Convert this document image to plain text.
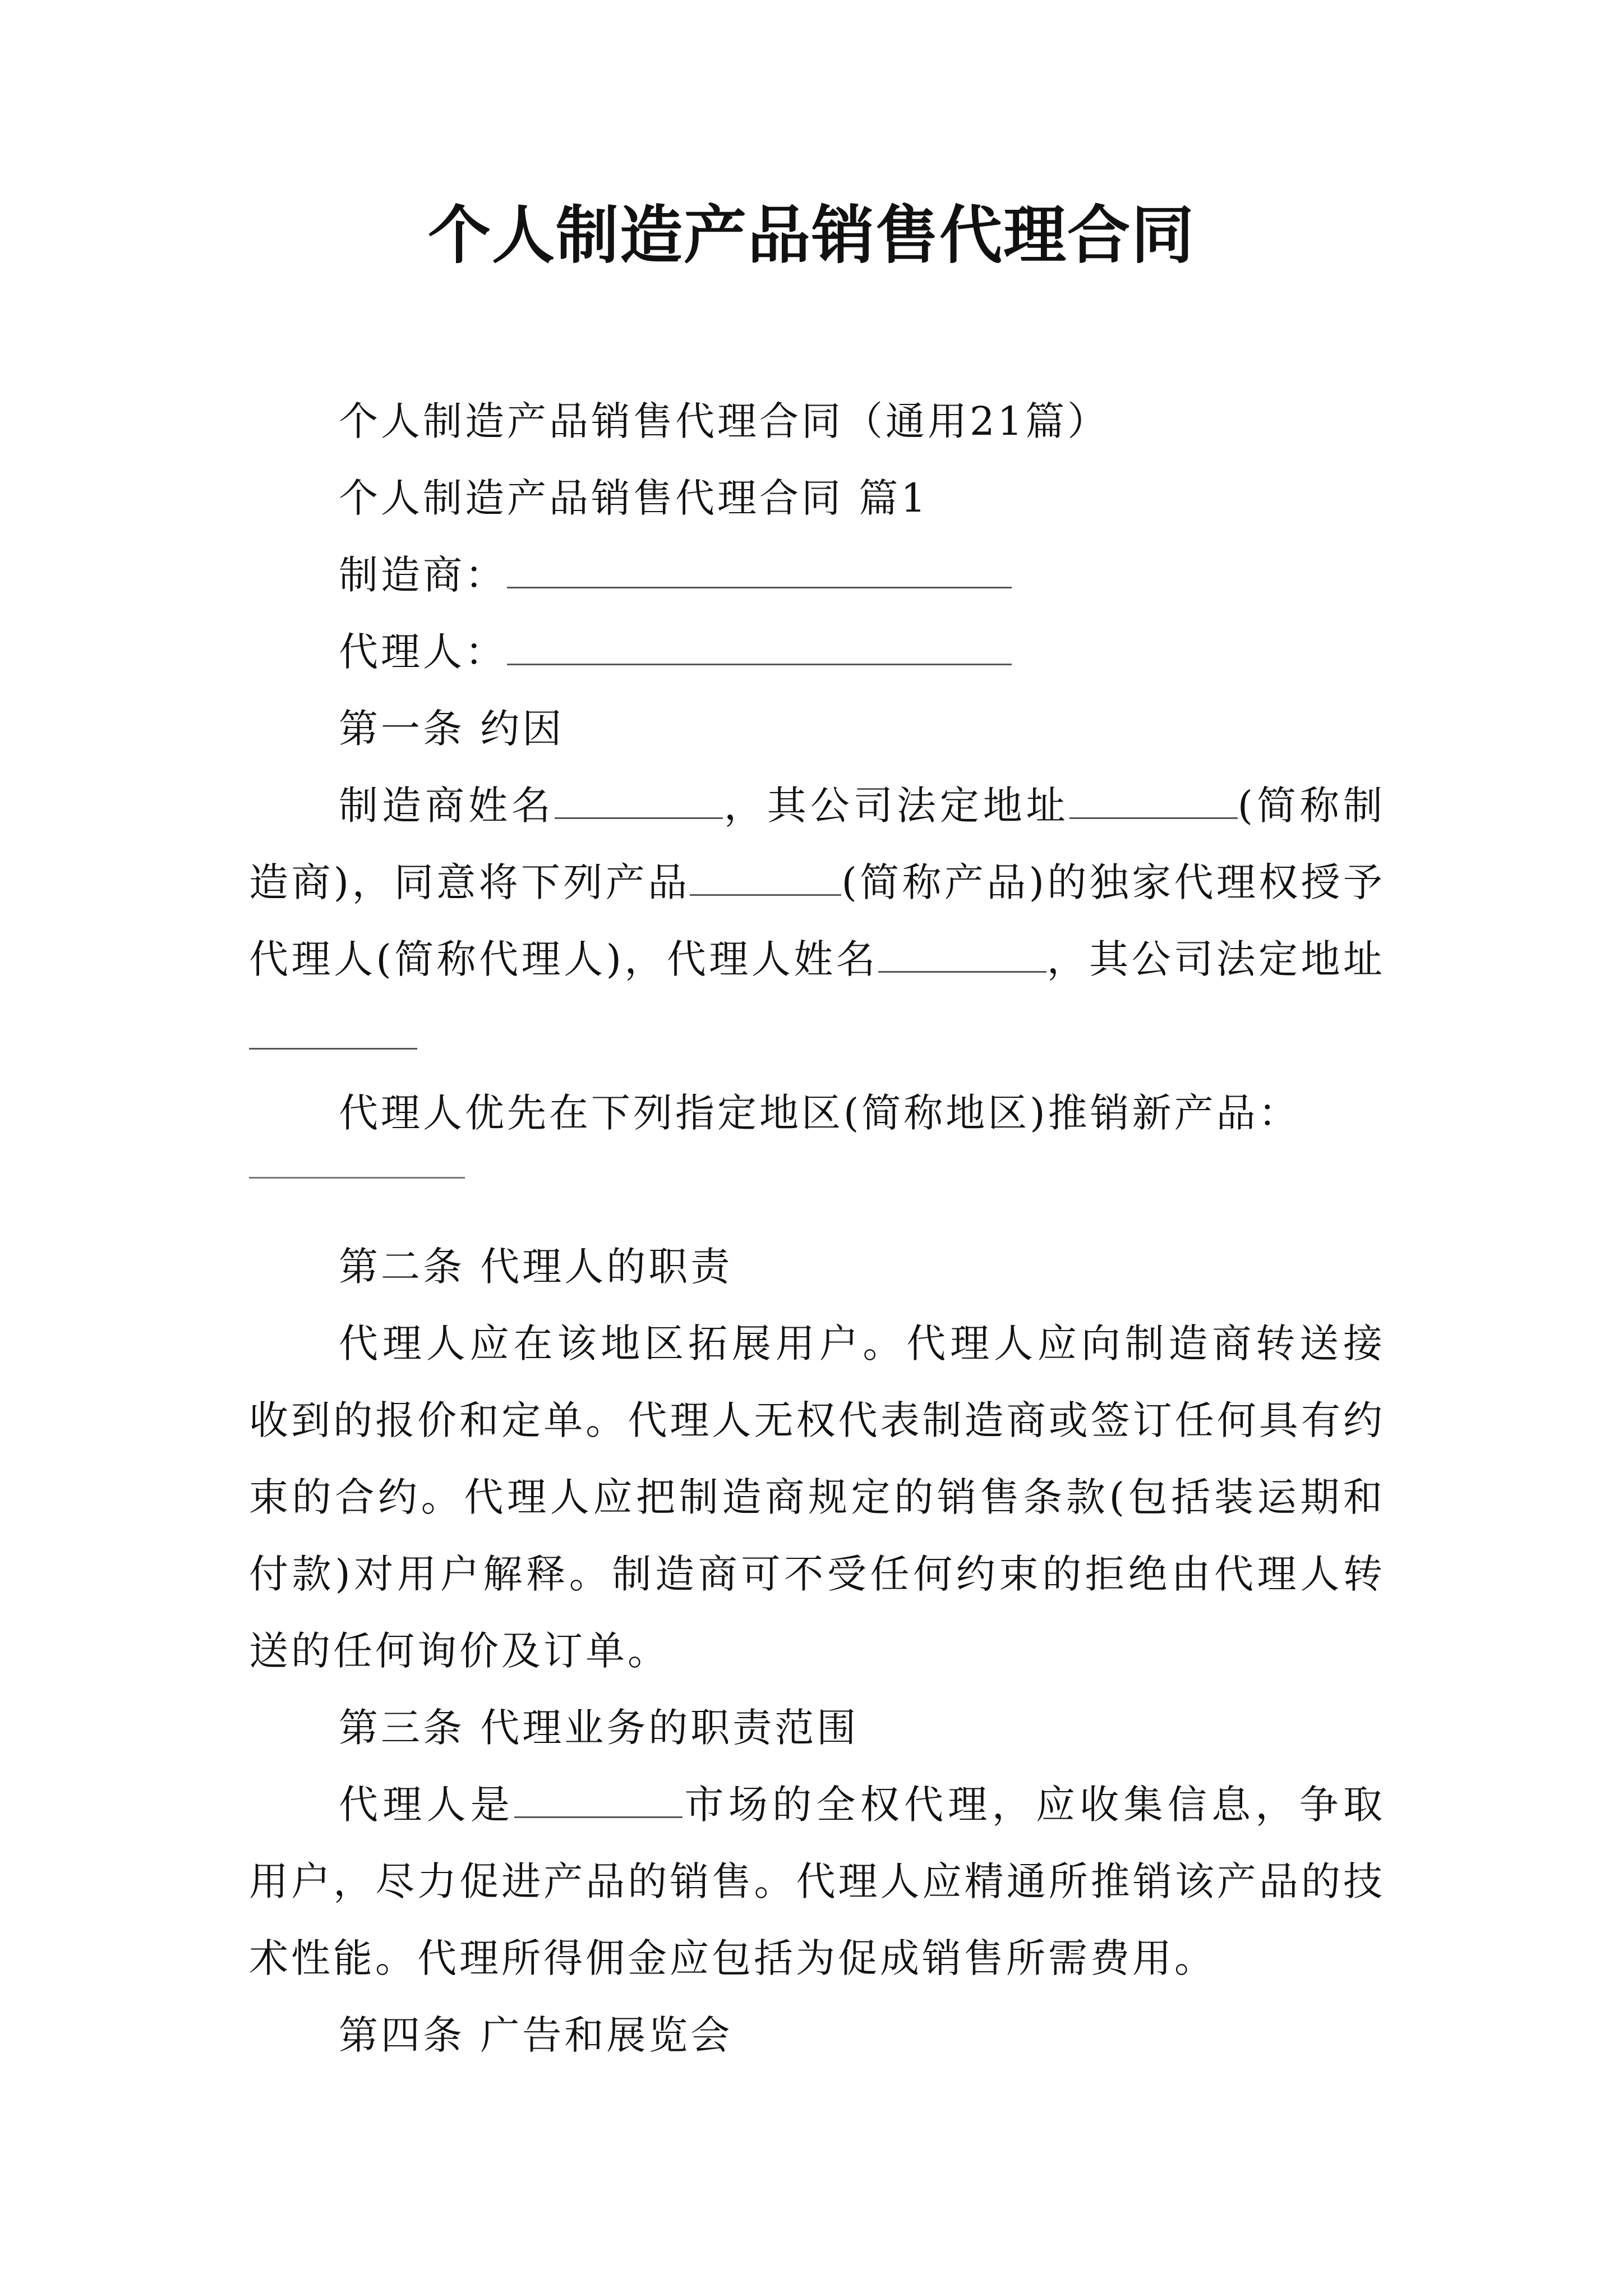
个人制造产品销售代理合同

个人制造产品销售代理合同（通用21篇）

个人制造产品销售代理合同 篇1

制造商：

代理人：

第一条 约因

制造商姓名	，其公司法定地址	(简称制造商)，同意将下列产品	(简称产品)的独家代理权授予代理人(简称代理人)，代理人姓名	，其公司法定地址

代理人优先在下列指定地区(简称地区)推销新产品：

第二条 代理人的职责

代理人应在该地区拓展用户。代理人应向制造商转送接收到的报价和定单。代理人无权代表制造商或签订任何具有约束的合约。代理人应把制造商规定的销售条款(包括装运期和付款)对用户解释。制造商可不受任何约束的拒绝由代理人转送的任何询价及订单。

第三条 代理业务的职责范围

代理人是	市场的全权代理，应收集信息，争取用户，尽力促进产品的销售。代理人应精通所推销该产品的技术性能。代理所得佣金应包括为促成销售所需费用。

第四条 广告和展览会
